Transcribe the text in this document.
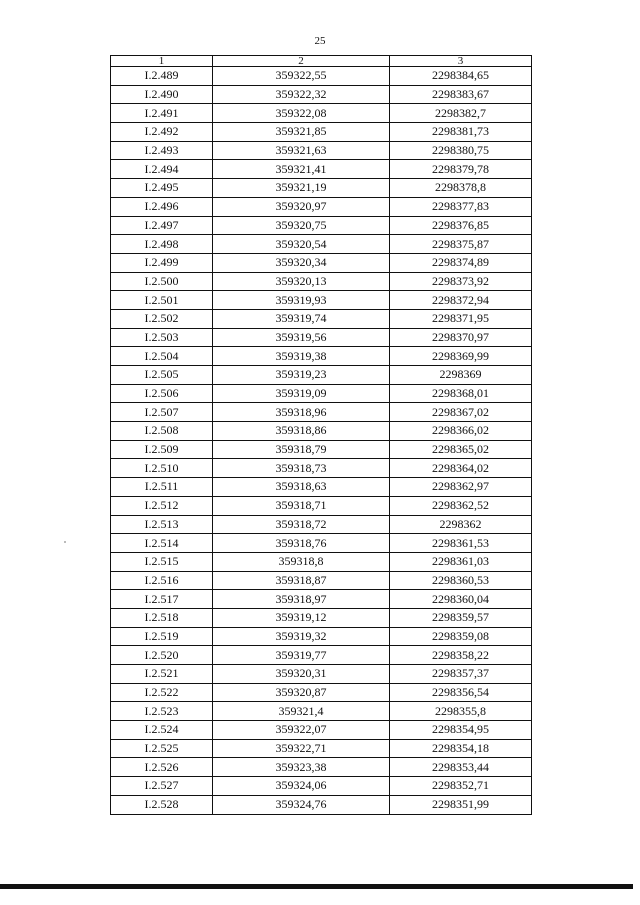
25
1	2	3
I.2.489	359322,55	2298384,65
I.2.490	359322,32	2298383,67
I.2.491	359322,08	2298382,7
I.2.492	359321,85	2298381,73
I.2.493	359321,63	2298380,75
I.2.494	359321,41	2298379,78
I.2.495	359321,19	2298378,8
I.2.496	359320,97	2298377,83
I.2.497	359320,75	2298376,85
I.2.498	359320,54	2298375,87
I.2.499	359320,34	2298374,89
I.2.500	359320,13	2298373,92
I.2.501	359319,93	2298372,94
I.2.502	359319,74	2298371,95
I.2.503	359319,56	2298370,97
I.2.504	359319,38	2298369,99
I.2.505	359319,23	2298369
I.2.506	359319,09	2298368,01
I.2.507	359318,96	2298367,02
I.2.508	359318,86	2298366,02
I.2.509	359318,79	2298365,02
I.2.510	359318,73	2298364,02
I.2.511	359318,63	2298362,97
I.2.512	359318,71	2298362,52
I.2.513	359318,72	2298362
I.2.514	359318,76	2298361,53
I.2.515	359318,8	2298361,03
I.2.516	359318,87	2298360,53
I.2.517	359318,97	2298360,04
I.2.518	359319,12	2298359,57
I.2.519	359319,32	2298359,08
I.2.520	359319,77	2298358,22
I.2.521	359320,31	2298357,37
I.2.522	359320,87	2298356,54
I.2.523	359321,4	2298355,8
I.2.524	359322,07	2298354,95
I.2.525	359322,71	2298354,18
I.2.526	359323,38	2298353,44
I.2.527	359324,06	2298352,71
I.2.528	359324,76	2298351,99
